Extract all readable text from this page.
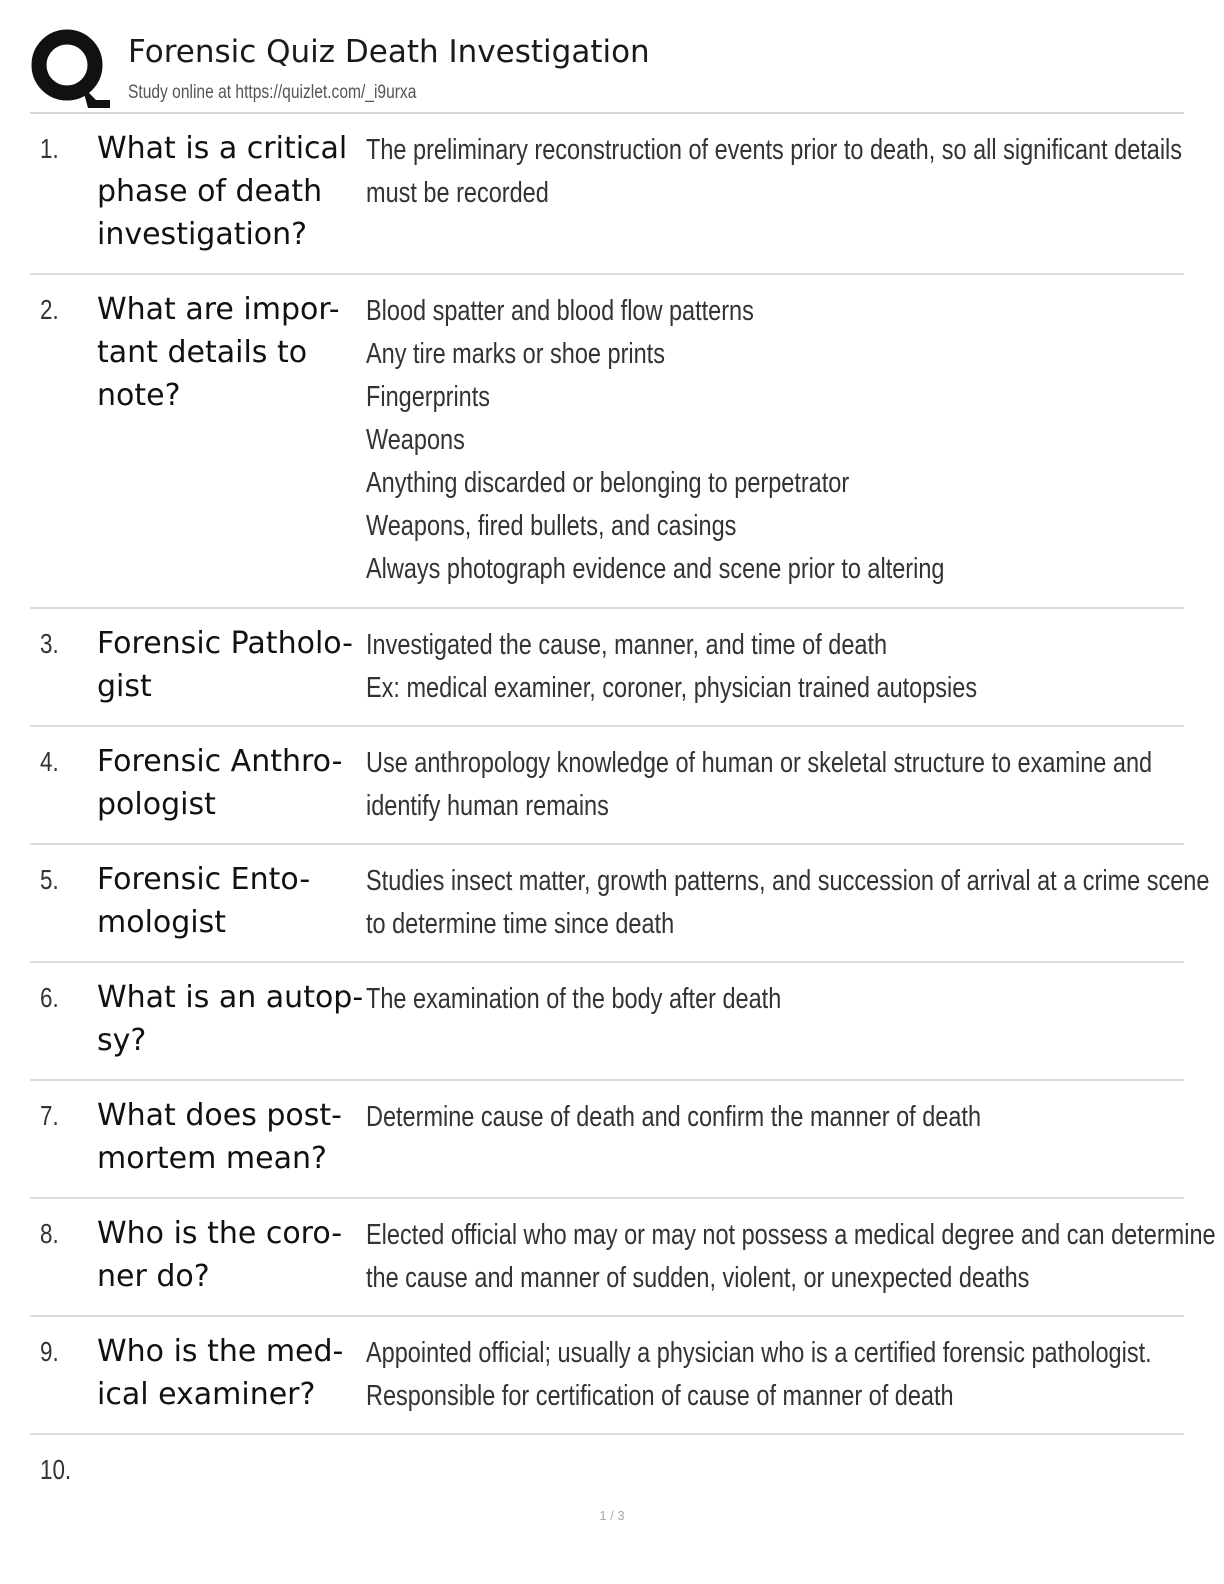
Forensic Quiz Death Investigation
Study online at https://quizlet.com/_i9urxa
1. What is a critical phase of death investigation?
The preliminary reconstruction of events prior to death, so all significant details
must be recorded
2. What are impor-tant details to note?
Blood spatter and blood flow patterns
Any tire marks or shoe prints
Fingerprints
Weapons
Anything discarded or belonging to perpetrator
Weapons, fired bullets, and casings
Always photograph evidence and scene prior to altering
3. Forensic Patholo-gist
Investigated the cause, manner, and time of death
Ex: medical examiner, coroner, physician trained autopsies
4. Forensic Anthro-pologist
Use anthropology knowledge of human or skeletal structure to examine and
identify human remains
5. Forensic Ento-mologist
Studies insect matter, growth patterns, and succession of arrival at a crime scene
to determine time since death
6. What is an autop-sy?
The examination of the body after death
7. What does post-mortem mean?
Determine cause of death and confirm the manner of death
8. Who is the coro-ner do?
Elected official who may or may not possess a medical degree and can determine
the cause and manner of sudden, violent, or unexpected deaths
9. Who is the med-ical examiner?
Appointed official; usually a physician who is a certified forensic pathologist.
Responsible for certification of cause of manner of death
10.
1 / 3
